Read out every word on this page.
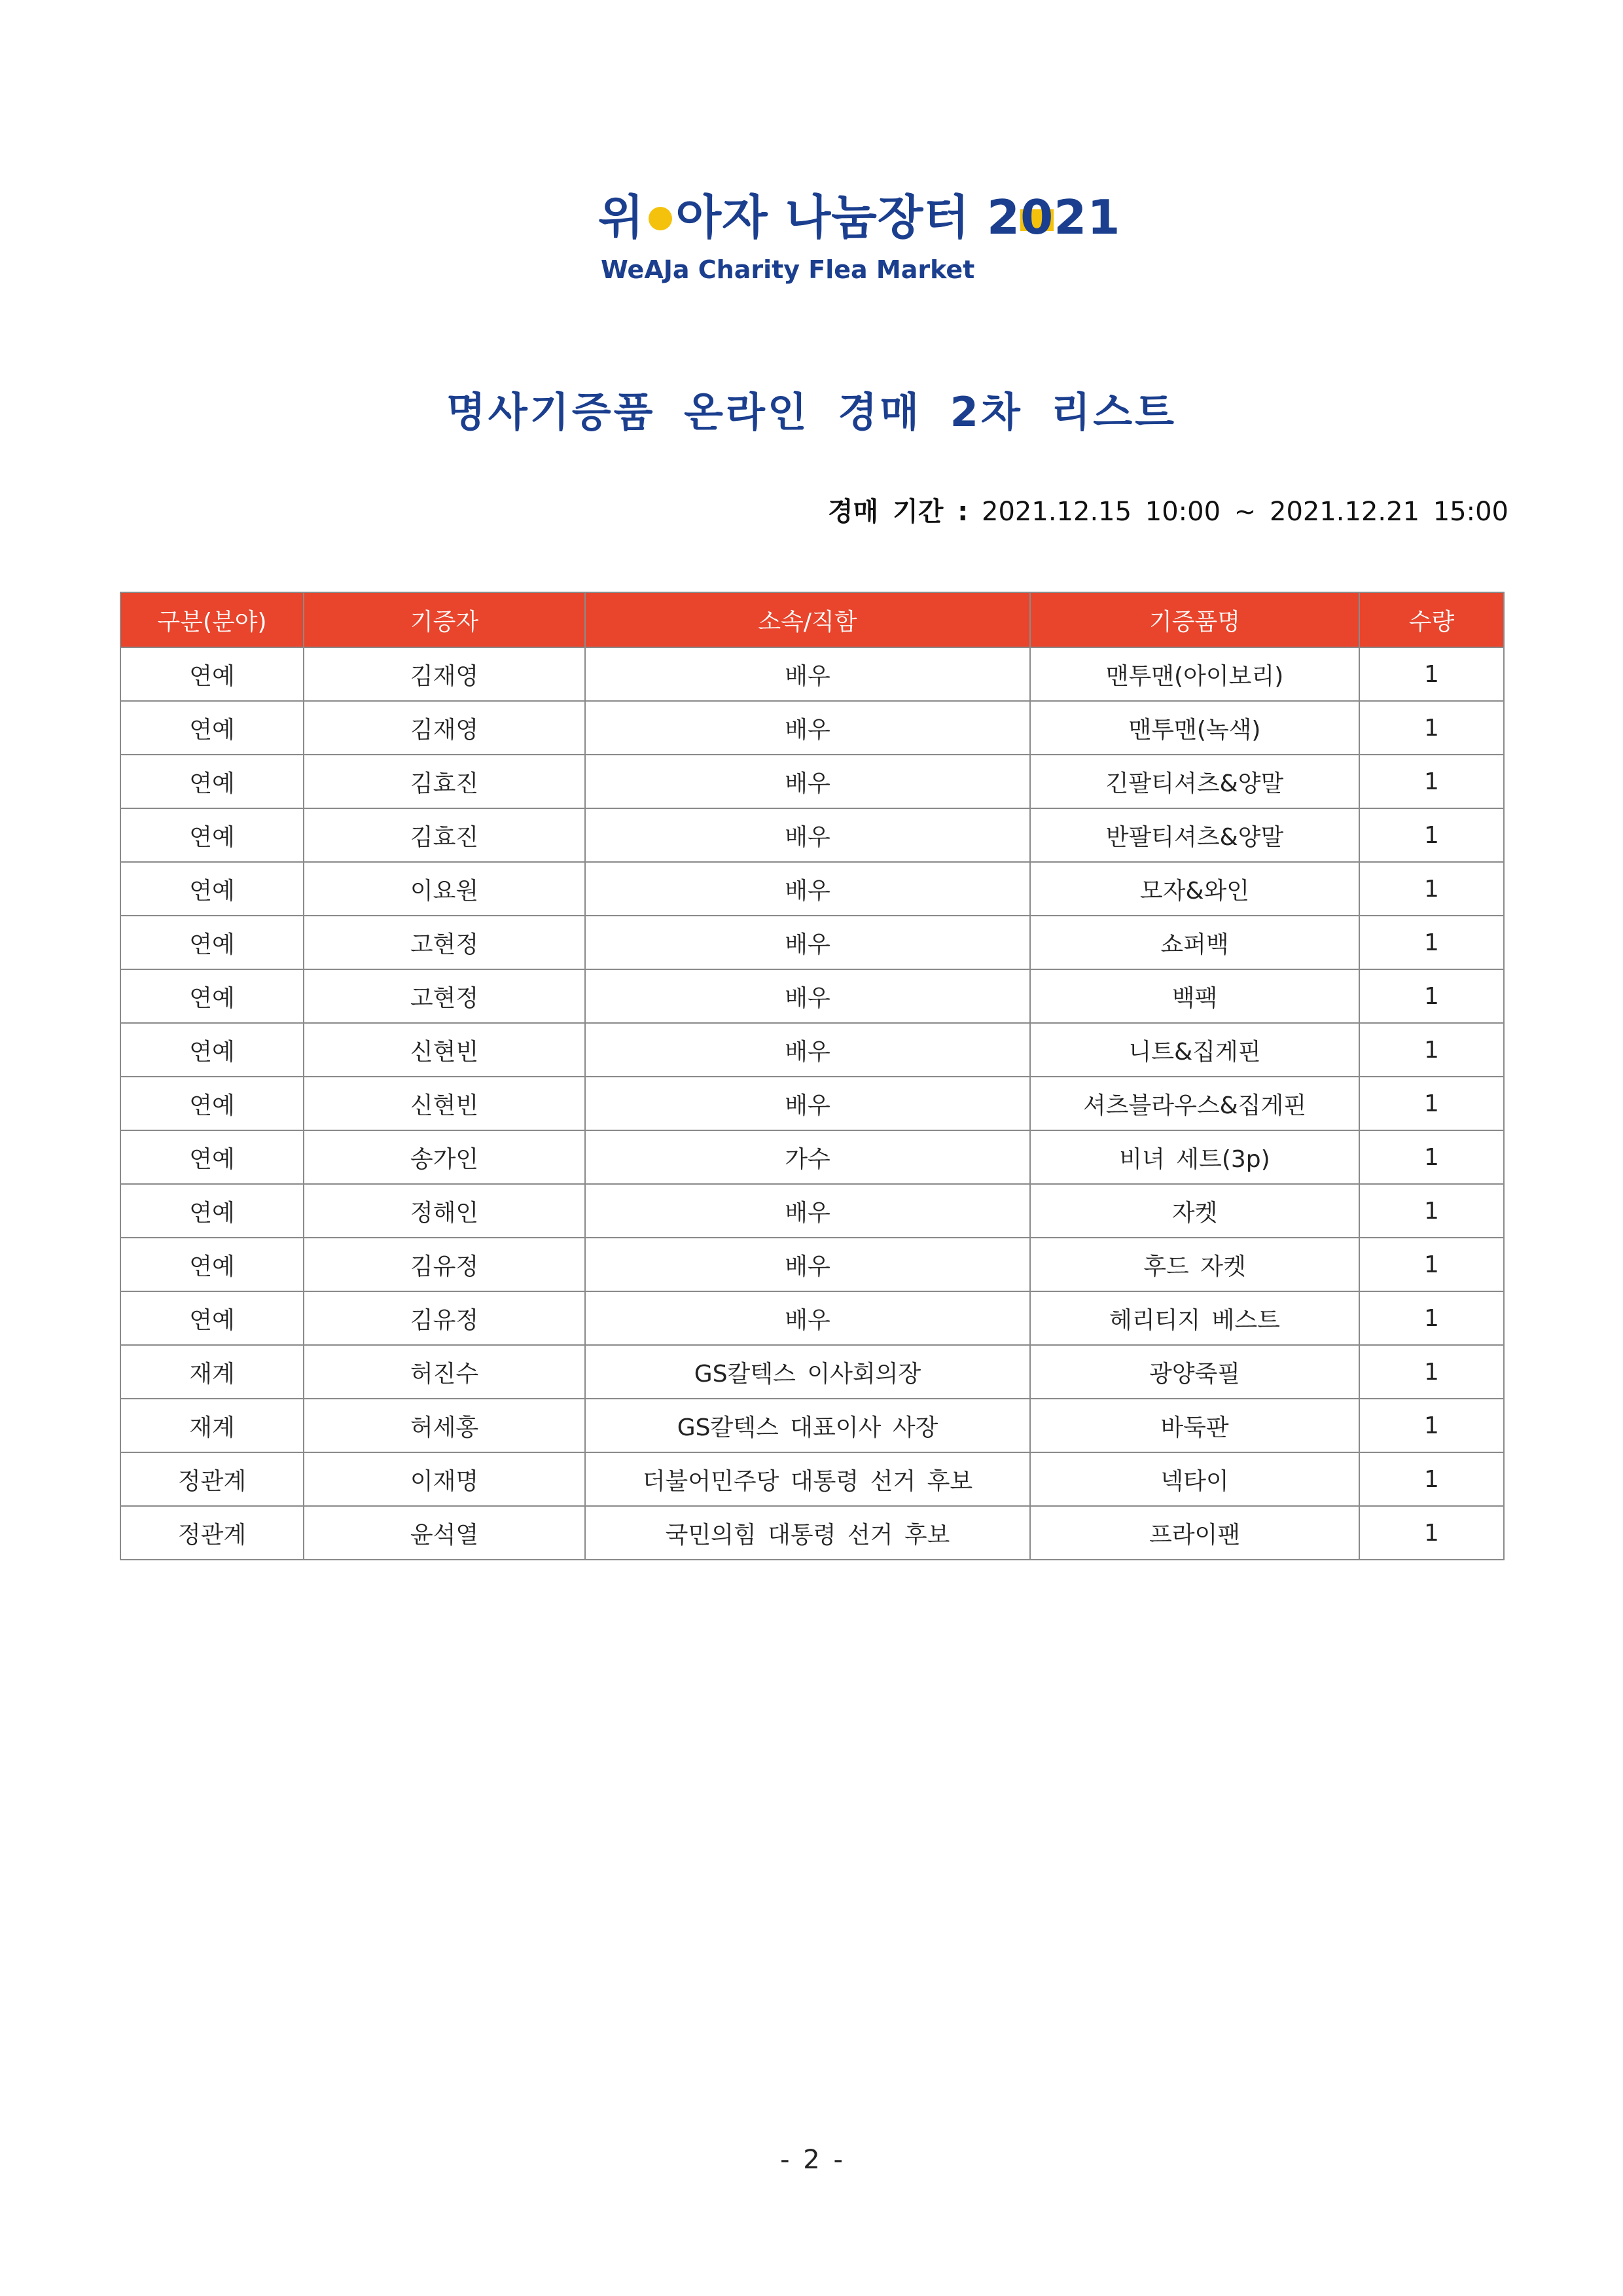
위 아자 나눔장터 2021
WeAJa Charity Flea Market
명사기증품 온라인 경매 2차 리스트
경매 기간 : 2021.12.15 10:00 ~ 2021.12.21 15:00
구분(분야)	기증자	소속/직함	기증품명	수량
연예	김재영	배우	맨투맨(아이보리)	1
연예	김재영	배우	맨투맨(녹색)	1
연예	김효진	배우	긴팔티셔츠&양말	1
연예	김효진	배우	반팔티셔츠&양말	1
연예	이요원	배우	모자&와인	1
연예	고현정	배우	쇼퍼백	1
연예	고현정	배우	백팩	1
연예	신현빈	배우	니트&집게핀	1
연예	신현빈	배우	셔츠블라우스&집게핀	1
연예	송가인	가수	비녀 세트(3p)	1
연예	정해인	배우	자켓	1
연예	김유정	배우	후드 자켓	1
연예	김유정	배우	헤리티지 베스트	1
재계	허진수	GS칼텍스 이사회의장	광양죽필	1
재계	허세홍	GS칼텍스 대표이사 사장	바둑판	1
정관계	이재명	더불어민주당 대통령 선거 후보	넥타이	1
정관계	윤석열	국민의힘 대통령 선거 후보	프라이팬	1
- 2 -
